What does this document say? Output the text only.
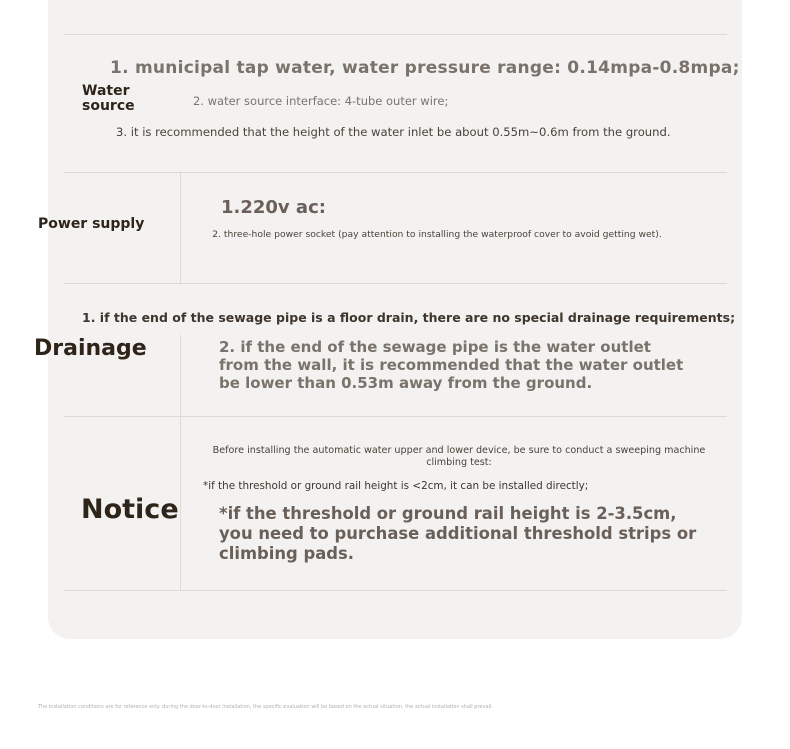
Water

source

1. municipal tap water, water pressure range: 0.14mpa-0.8mpa;

2. water source interface: 4-tube outer wire;

3. it is recommended that the height of the water inlet be about 0.55m~0.6m from the ground.

Power supply

1.220v ac:

2. three-hole power socket (pay attention to installing the waterproof cover to avoid getting wet).

Drainage

1. if the end of the sewage pipe is a floor drain, there are no special drainage requirements;

2. if the end of the sewage pipe is the water outlet from the wall, it is recommended that the water outlet be lower than 0.53m away from the ground.

Notice

Before installing the automatic water upper and lower device, be sure to conduct a sweeping machine climbing test:

*if the threshold or ground rail height is <2cm, it can be installed directly;

*if the threshold or ground rail height is 2-3.5cm, you need to purchase additional threshold strips or climbing pads.

The installation conditions are for reference only. during the door-to-door installation, the specific evaluation will be based on the actual situation. the actual installation shall prevail.
